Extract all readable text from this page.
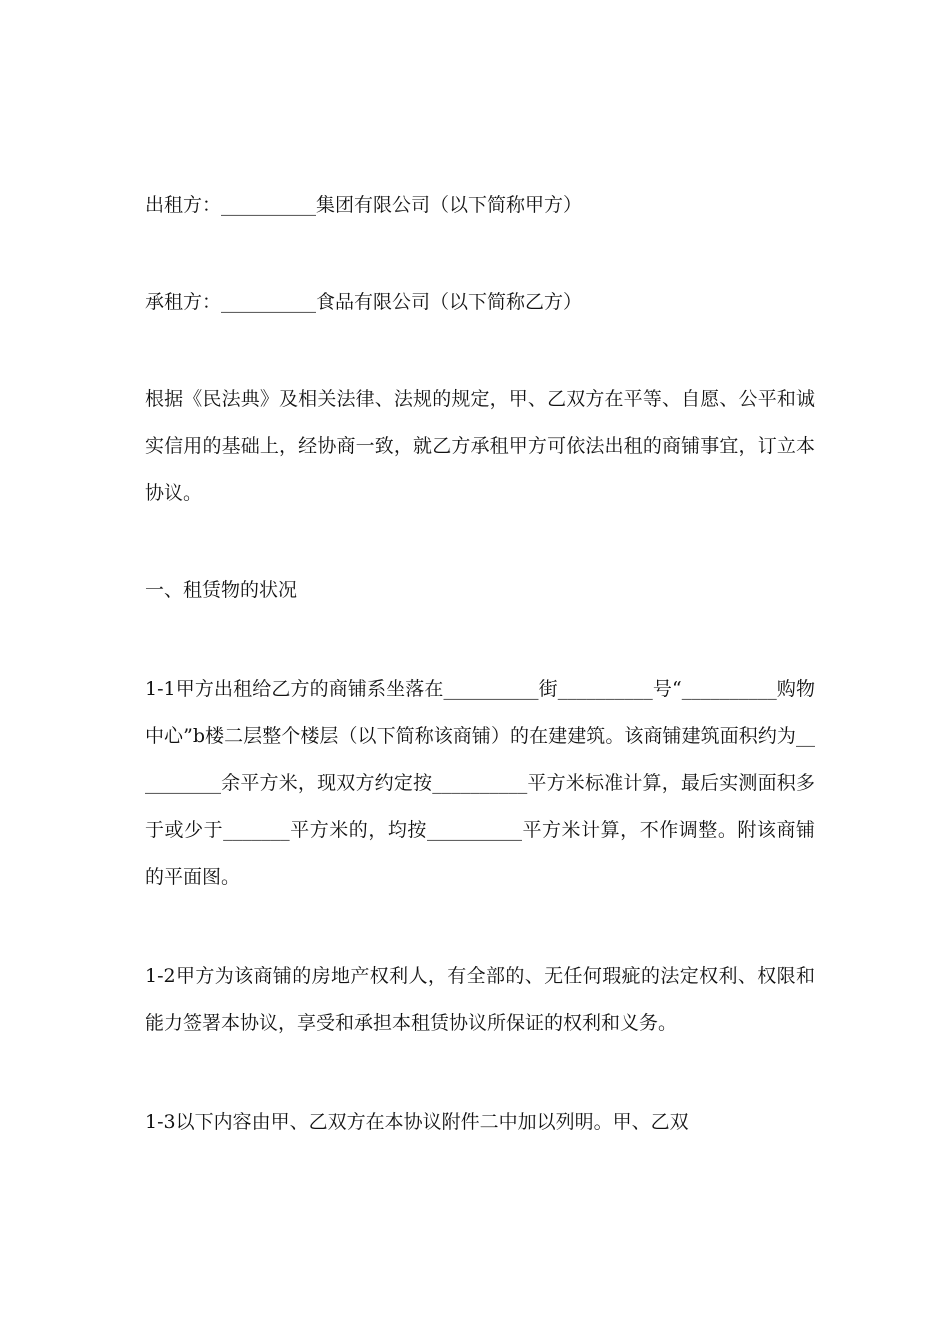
出租方：__________集团有限公司（以下简称甲方）

承租方：__________食品有限公司（以下简称乙方）

根据《民法典》及相关法律、法规的规定，甲、乙双方在平等、自愿、公平和诚实信用的基础上，经协商一致，就乙方承租甲方可依法出租的商铺事宜，订立本协议。

一、租赁物的状况

1-1甲方出租给乙方的商铺系坐落在__________街__________号“__________购物中心”b楼二层整个楼层（以下简称该商铺）的在建建筑。该商铺建筑面积约为__________余平方米，现双方约定按__________平方米标准计算，最后实测面积多于或少于_______平方米的，均按__________平方米计算，不作调整。附该商铺的平面图。

1-2甲方为该商铺的房地产权利人，有全部的、无任何瑕疵的法定权利、权限和能力签署本协议，享受和承担本租赁协议所保证的权利和义务。

1-3以下内容由甲、乙双方在本协议附件二中加以列明。甲、乙双
